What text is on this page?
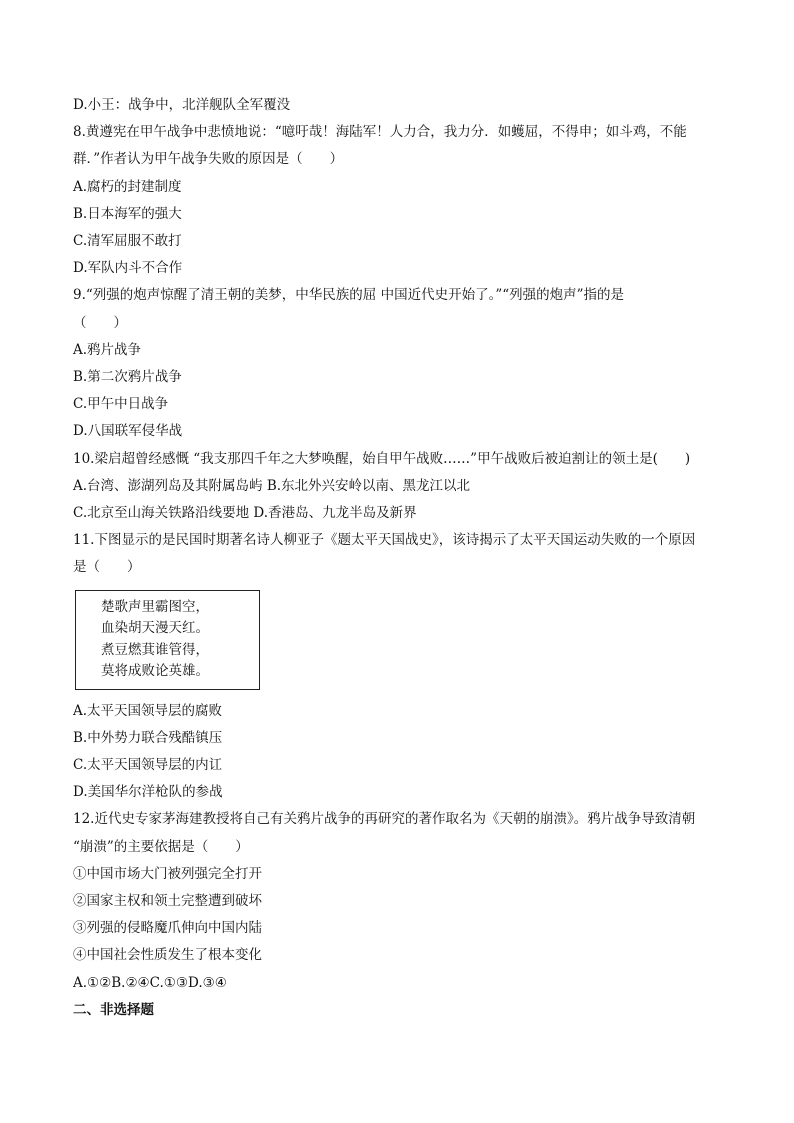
D.小王：战争中，北洋舰队全军覆没
8.黄遵宪在甲午战争中悲愤地说：“噫吁哉！海陆军！人力合，我力分．如蠖屈，不得申；如斗鸡，不能
群．”作者认为甲午战争失败的原因是（　　）
A.腐朽的封建制度
B.日本海军的强大
C.清军屈服不敢打
D.军队内斗不合作
9.“列强的炮声惊醒了清王朝的美梦，中华民族的屈 中国近代史开始了。”“列强的炮声”指的是
（　　）
A.鸦片战争
B.第二次鸦片战争
C.甲午中日战争
D.八国联军侵华战
10.梁启超曾经感慨 “我支那四千年之大梦唤醒，始自甲午战败……”甲午战败后被迫割让的领土是(　　)
A.台湾、澎湖列岛及其附属岛屿 B.东北外兴安岭以南、黑龙江以北
C.北京至山海关铁路沿线要地 D.香港岛、九龙半岛及新界
11.下图显示的是民国时期著名诗人柳亚子《题太平天国战史》，该诗揭示了太平天国运动失败的一个原因
是（　　）
楚歌声里霸图空，
血染胡天漫天红。
煮豆燃萁谁管得，
莫将成败论英雄。
A.太平天国领导层的腐败
B.中外势力联合残酷镇压
C.太平天国领导层的内讧
D.美国华尔洋枪队的参战
12.近代史专家茅海建教授将自己有关鸦片战争的再研究的著作取名为《天朝的崩溃》。鸦片战争导致清朝
“崩溃”的主要依据是（　　）
①中国市场大门被列强完全打开
②国家主权和领土完整遭到破坏
③列强的侵略魔爪伸向中国内陆
④中国社会性质发生了根本变化
A.①②B.②④C.①③D.③④
二、非选择题
